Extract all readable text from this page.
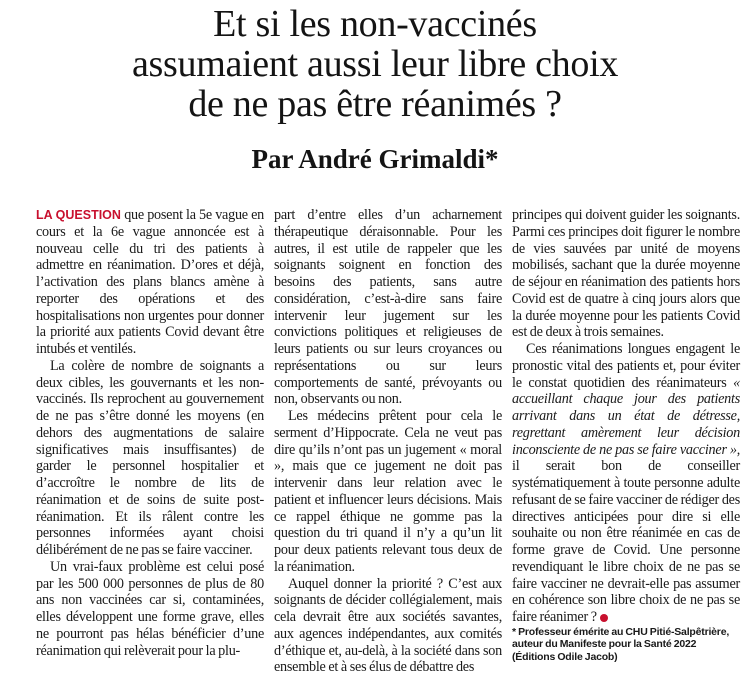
Et si les non-vaccinés
assumaient aussi leur libre choix
de ne pas être réanimés ?
Par André Grimaldi*

LA QUESTION que posent la 5e vague en cours et la 6e vague annoncée est à nouveau celle du tri des patients à admettre en réanimation. D’ores et déjà, l’activation des plans blancs amène à reporter des opérations et des hospitalisations non urgentes pour donner la priorité aux patients Covid devant être intubés et ventilés.

La colère de nombre de soignants a deux cibles, les gouvernants et les non-vaccinés. Ils reprochent au gouvernement de ne pas s’être donné les moyens (en dehors des augmentations de salaire significatives mais insuffisantes) de garder le personnel hospitalier et d’accroître le nombre de lits de réanimation et de soins de suite post-réanimation. Et ils râlent contre les personnes informées ayant choisi délibérément de ne pas se faire vacciner.

Un vrai-faux problème est celui posé par les 500 000 personnes de plus de 80 ans non vaccinées car si, contaminées, elles développent une forme grave, elles ne pourront pas hélas bénéficier d’une réanimation qui relèverait pour la plu-

part d’entre elles d’un acharnement thérapeutique déraisonnable. Pour les autres, il est utile de rappeler que les soignants soignent en fonction des besoins des patients, sans autre considération, c’est-à-dire sans faire intervenir leur jugement sur les convictions politiques et religieuses de leurs patients ou sur leurs croyances ou représentations ou sur leurs comportements de santé, prévoyants ou non, observants ou non.

Les médecins prêtent pour cela le serment d’Hippocrate. Cela ne veut pas dire qu’ils n’ont pas un jugement « moral », mais que ce jugement ne doit pas intervenir dans leur relation avec le patient et influencer leurs décisions. Mais ce rappel éthique ne gomme pas la question du tri quand il n’y a qu’un lit pour deux patients relevant tous deux de la réanimation.

Auquel donner la priorité ? C’est aux soignants de décider collégialement, mais cela devrait être aux sociétés savantes, aux agences indépendantes, aux comités d’éthique et, au-delà, à la société dans son ensemble et à ses élus de débattre des

principes qui doivent guider les soignants. Parmi ces principes doit figurer le nombre de vies sauvées par unité de moyens mobilisés, sachant que la durée moyenne de séjour en réanimation des patients hors Covid est de quatre à cinq jours alors que la durée moyenne pour les patients Covid est de deux à trois semaines.

Ces réanimations longues engagent le pronostic vital des patients et, pour éviter le constat quotidien des réanimateurs « accueillant chaque jour des patients arrivant dans un état de détresse, regrettant amèrement leur décision inconsciente de ne pas se faire vacciner », il serait bon de conseiller systématiquement à toute personne adulte refusant de se faire vacciner de rédiger des directives anticipées pour dire si elle souhaite ou non être réanimée en cas de forme grave de Covid. Une personne revendiquant le libre choix de ne pas se faire vacciner ne devrait-elle pas assumer en cohérence son libre choix de ne pas se faire réanimer ?

* Professeur émérite au CHU Pitié-Salpêtrière, auteur du Manifeste pour la Santé 2022 (Éditions Odile Jacob)
